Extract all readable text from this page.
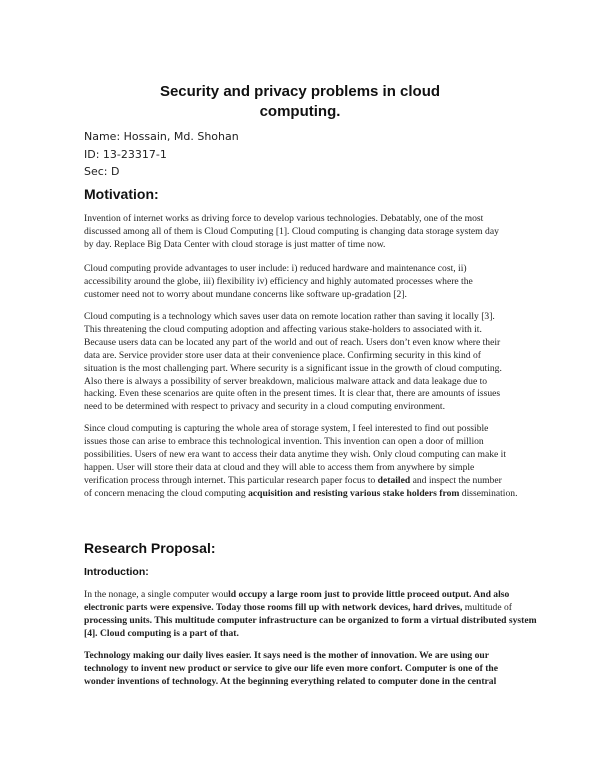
Security and privacy problems in cloud
computing.
Name: Hossain, Md. Shohan
ID: 13-23317-1
Sec: D
Motivation:
Invention of internet works as driving force to develop various technologies. Debatably, one of the most
discussed among all of them is Cloud Computing [1]. Cloud computing is changing data storage system day
by day. Replace Big Data Center with cloud storage is just matter of time now.
Cloud computing provide advantages to user include: i) reduced hardware and maintenance cost, ii)
accessibility around the globe, iii) flexibility iv) efficiency and highly automated processes where the
customer need not to worry about mundane concerns like software up-gradation [2].
Cloud computing is a technology which saves user data on remote location rather than saving it locally [3].
This threatening the cloud computing adoption and affecting various stake-holders to associated with it.
Because users data can be located any part of the world and out of reach. Users don’t even know where their
data are. Service provider store user data at their convenience place. Confirming security in this kind of
situation is the most challenging part. Where security is a significant issue in the growth of cloud computing.
Also there is always a possibility of server breakdown, malicious malware attack and data leakage due to
hacking. Even these scenarios are quite often in the present times. It is clear that, there are amounts of issues
need to be determined with respect to privacy and security in a cloud computing environment.
Since cloud computing is capturing the whole area of storage system, I feel interested to find out possible
issues those can arise to embrace this technological invention. This invention can open a door of million
possibilities. Users of new era want to access their data anytime they wish. Only cloud computing can make it
happen. User will store their data at cloud and they will able to access them from anywhere by simple
verification process through internet. This particular research paper focus to detailed and inspect the number
of concern menacing the cloud computing acquisition and resisting various stake holders from dissemination.
Research Proposal:
Introduction:
In the nonage, a single computer would occupy a large room just to provide little proceed output. And also
electronic parts were expensive. Today those rooms fill up with network devices, hard drives, multitude of
processing units. This multitude computer infrastructure can be organized to form a virtual distributed system
[4]. Cloud computing is a part of that.
Technology making our daily lives easier. It says need is the mother of innovation. We are using our
technology to invent new product or service to give our life even more confort. Computer is one of the
wonder inventions of technology. At the beginning everything related to computer done in the central
